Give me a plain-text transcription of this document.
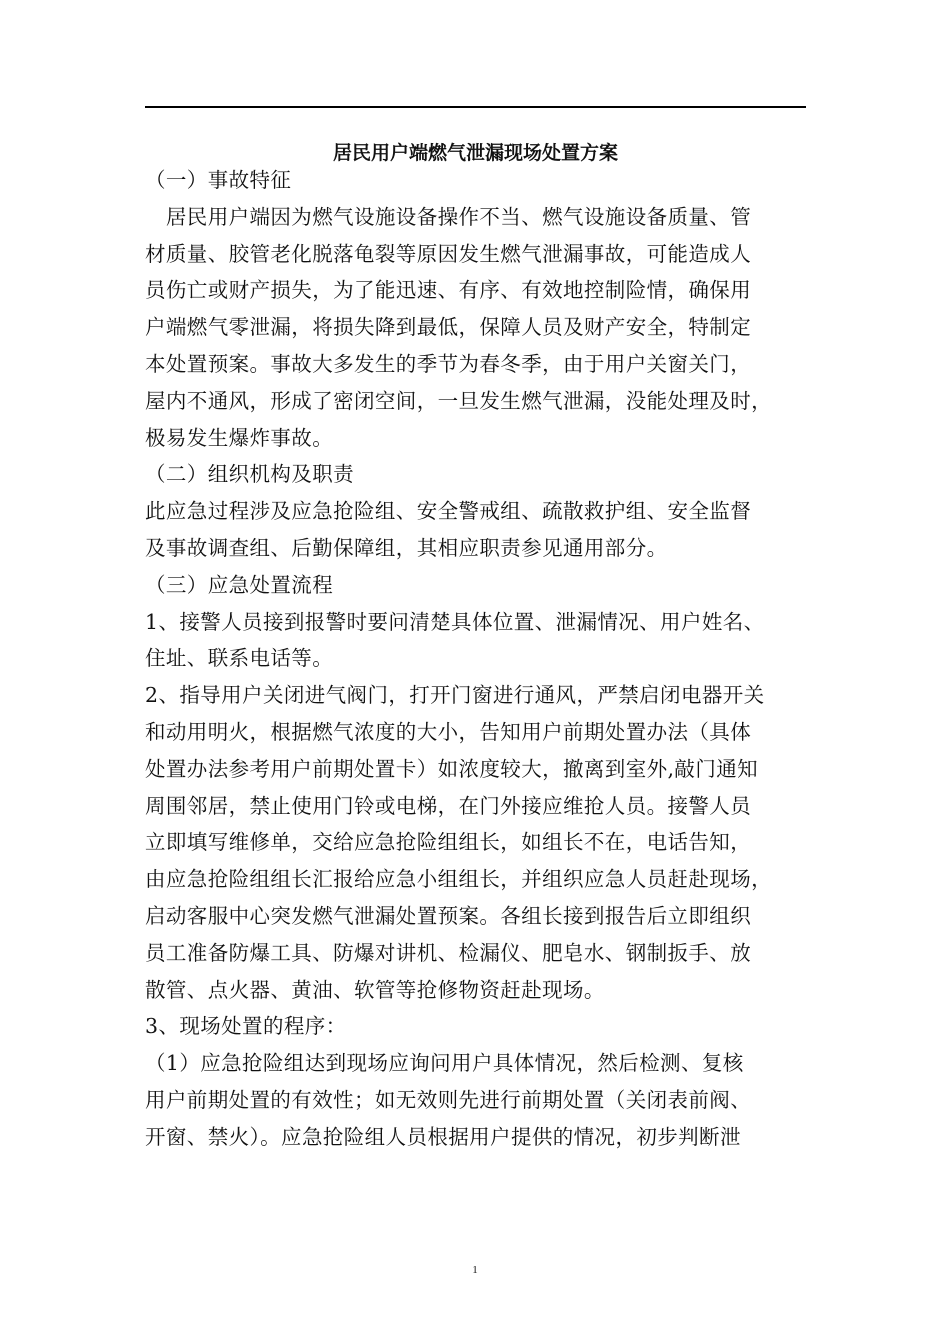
居民用户端燃气泄漏现场处置方案
（一）事故特征
　居民用户端因为燃气设施设备操作不当、燃气设施设备质量、管
材质量、胶管老化脱落龟裂等原因发生燃气泄漏事故，可能造成人
员伤亡或财产损失，为了能迅速、有序、有效地控制险情，确保用
户端燃气零泄漏，将损失降到最低，保障人员及财产安全，特制定
本处置预案。事故大多发生的季节为春冬季，由于用户关窗关门，
屋内不通风，形成了密闭空间，一旦发生燃气泄漏，没能处理及时，
极易发生爆炸事故。
（二）组织机构及职责
此应急过程涉及应急抢险组、安全警戒组、疏散救护组、安全监督
及事故调查组、后勤保障组，其相应职责参见通用部分。
（三）应急处置流程
1、接警人员接到报警时要问清楚具体位置、泄漏情况、用户姓名、
住址、联系电话等。
2、指导用户关闭进气阀门，打开门窗进行通风，严禁启闭电器开关
和动用明火，根据燃气浓度的大小，告知用户前期处置办法（具体
处置办法参考用户前期处置卡）如浓度较大，撤离到室外,敲门通知
周围邻居，禁止使用门铃或电梯，在门外接应维抢人员。接警人员
立即填写维修单，交给应急抢险组组长，如组长不在，电话告知，
由应急抢险组组长汇报给应急小组组长，并组织应急人员赶赴现场，
启动客服中心突发燃气泄漏处置预案。各组长接到报告后立即组织
员工准备防爆工具、防爆对讲机、检漏仪、肥皂水、钢制扳手、放
散管、点火器、黄油、软管等抢修物资赶赴现场。
3、现场处置的程序：
（1）应急抢险组达到现场应询问用户具体情况，然后检测、复核
用户前期处置的有效性；如无效则先进行前期处置（关闭表前阀、
开窗、禁火）。应急抢险组人员根据用户提供的情况，初步判断泄
1
